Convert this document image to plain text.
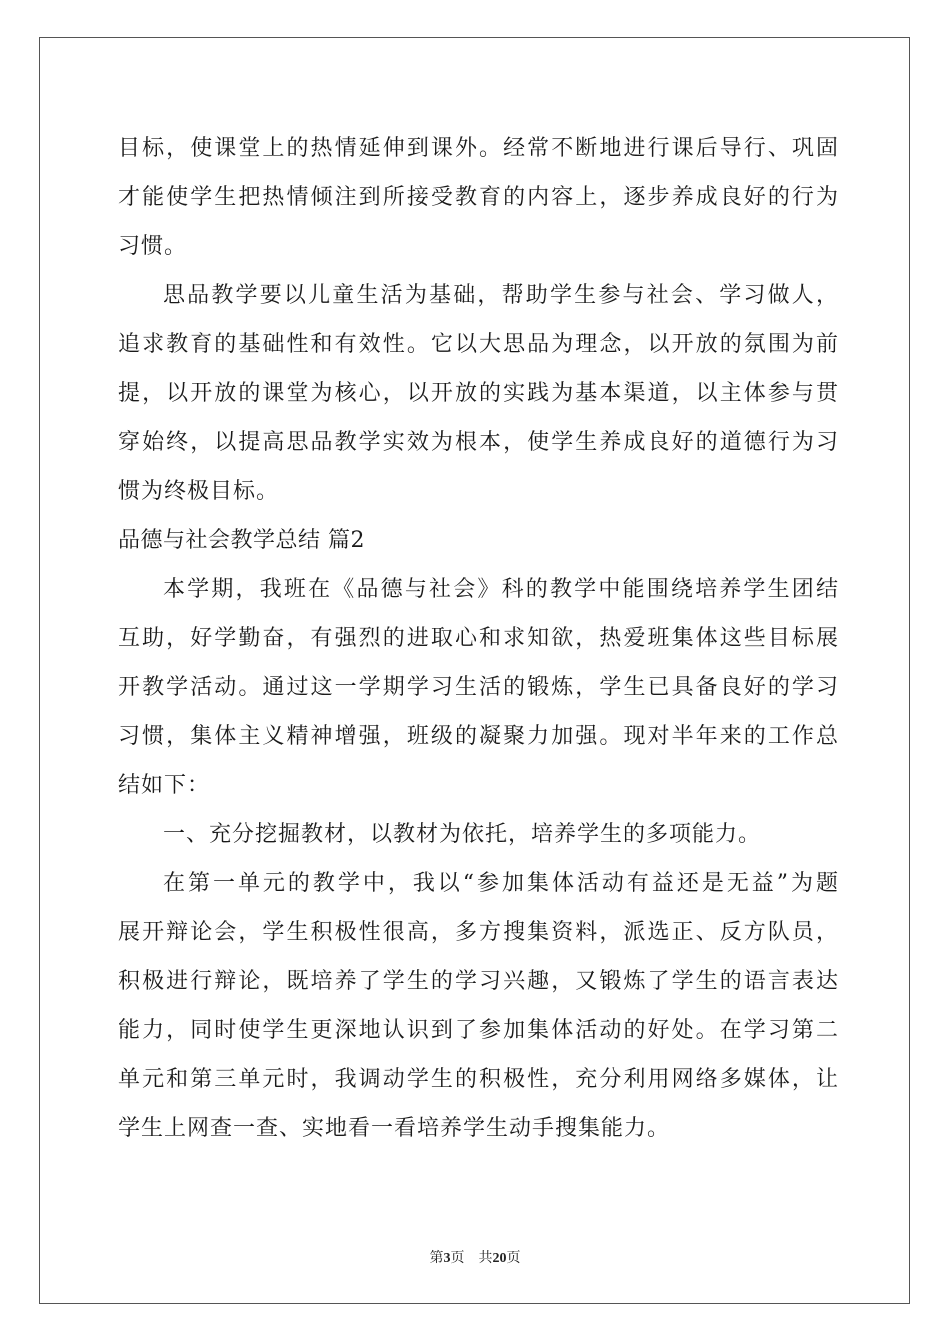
目标，使课堂上的热情延伸到课外。经常不断地进行课后导行、巩固
才能使学生把热情倾注到所接受教育的内容上，逐步养成良好的行为
习惯。
思品教学要以儿童生活为基础，帮助学生参与社会、学习做人，
追求教育的基础性和有效性。它以大思品为理念，以开放的氛围为前
提，以开放的课堂为核心，以开放的实践为基本渠道，以主体参与贯
穿始终，以提高思品教学实效为根本，使学生养成良好的道德行为习
惯为终极目标。
品德与社会教学总结 篇2
本学期，我班在《品德与社会》科的教学中能围绕培养学生团结
互助，好学勤奋，有强烈的进取心和求知欲，热爱班集体这些目标展
开教学活动。通过这一学期学习生活的锻炼，学生已具备良好的学习
习惯，集体主义精神增强，班级的凝聚力加强。现对半年来的工作总
结如下：
一、充分挖掘教材，以教材为依托，培养学生的多项能力。
在第一单元的教学中，我以“参加集体活动有益还是无益”为题
展开辩论会，学生积极性很高，多方搜集资料，派选正、反方队员，
积极进行辩论，既培养了学生的学习兴趣，又锻炼了学生的语言表达
能力，同时使学生更深地认识到了参加集体活动的好处。在学习第二
单元和第三单元时，我调动学生的积极性，充分利用网络多媒体，让
学生上网查一查、实地看一看培养学生动手搜集能力。
第3页　共20页
